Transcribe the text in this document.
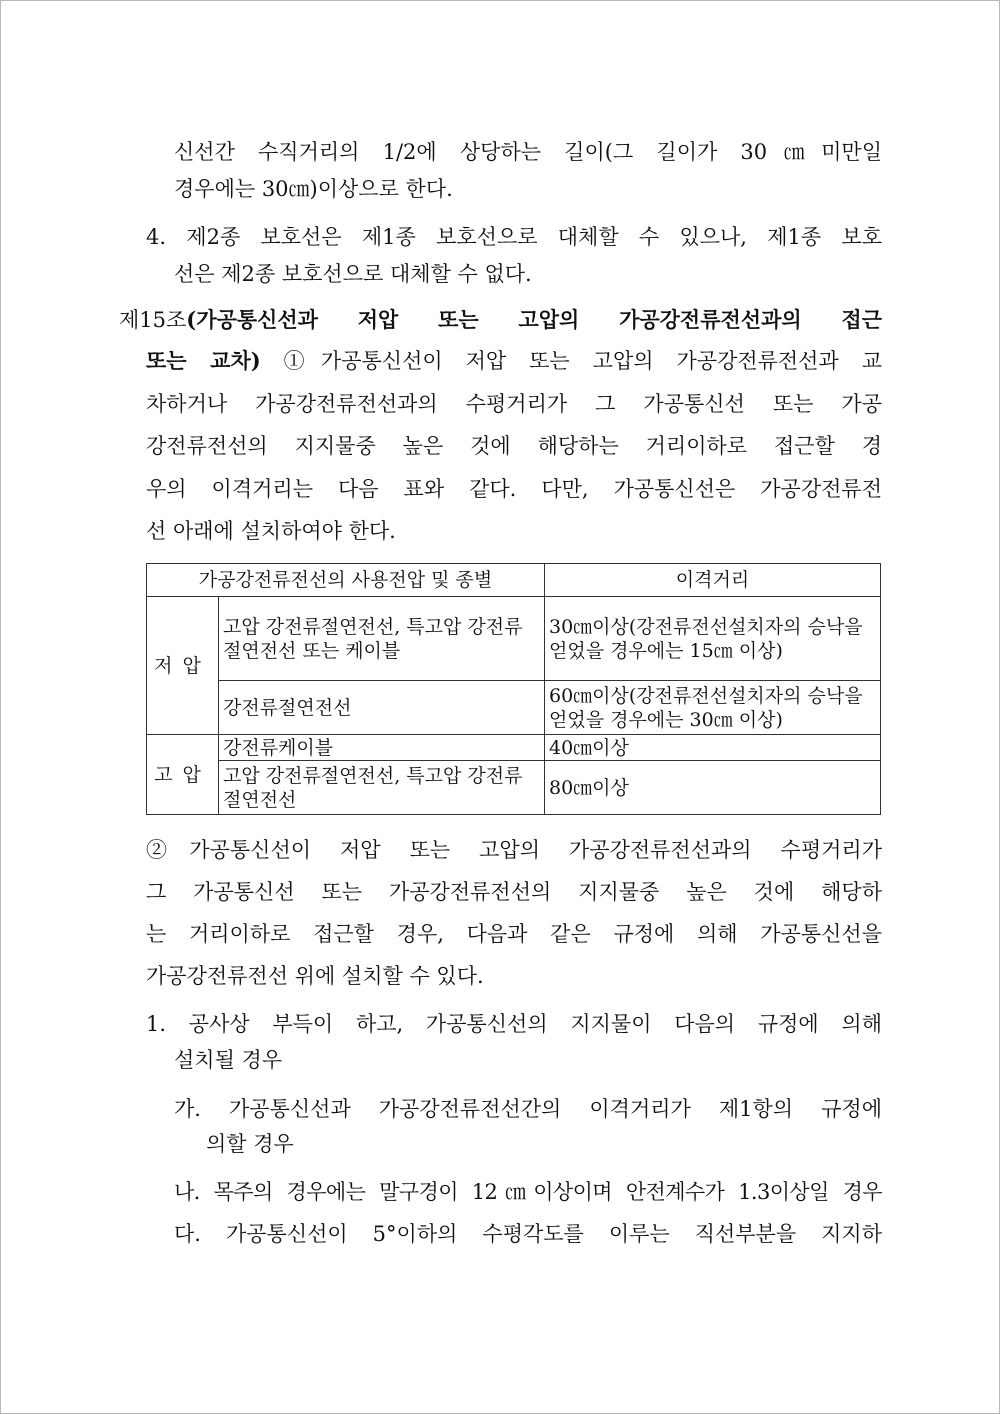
신선간 수직거리의 1/2에 상당하는 길이(그 길이가 30㎝미만일
경우에는 30㎝)이상으로 한다.
4. 제2종 보호선은 제1종 보호선으로 대체할 수 있으나, 제1종 보호
선은 제2종 보호선으로 대체할 수 없다.
제15조(가공통신선과 저압 또는 고압의 가공강전류전선과의 접근
또는 교차) ①가공통신선이 저압 또는 고압의 가공강전류전선과 교
차하거나 가공강전류전선과의 수평거리가 그 가공통신선 또는 가공
강전류전선의 지지물중 높은 것에 해당하는 거리이하로 접근할 경
우의 이격거리는 다음 표와 같다. 다만, 가공통신선은 가공강전류전
선 아래에 설치하여야 한다.
가공강전류전선의 사용전압 및 종별		이격거리
저압	고압 강전류절연전선, 특고압 강전류절연전선 또는 케이블	30㎝이상(강전류전선설치자의 승낙을 얻었을 경우에는 15㎝ 이상)
	강전류절연전선	60㎝이상(강전류전선설치자의 승낙을 얻었을 경우에는 30㎝ 이상)
고압	강전류케이블	40㎝이상
	고압 강전류절연전선, 특고압 강전류절연전선	80㎝이상
②가공통신선이 저압 또는 고압의 가공강전류전선과의 수평거리가
그 가공통신선 또는 가공강전류전선의 지지물중 높은 것에 해당하
는 거리이하로 접근할 경우, 다음과 같은 규정에 의해 가공통신선을
가공강전류전선 위에 설치할 수 있다.
1. 공사상 부득이 하고, 가공통신선의 지지물이 다음의 규정에 의해
설치될 경우
가. 가공통신선과 가공강전류전선간의 이격거리가 제1항의 규정에
의할 경우
나. 목주의 경우에는 말구경이 12㎝이상이며 안전계수가 1.3이상일 경우
다. 가공통신선이 5°이하의 수평각도를 이루는 직선부분을 지지하
